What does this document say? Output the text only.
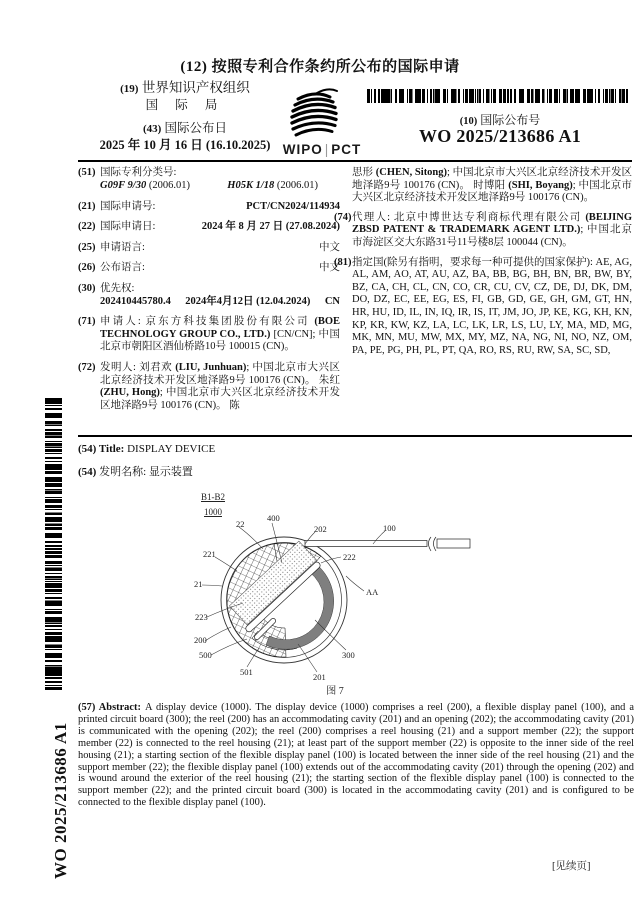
(12) 按照专利合作条约所公布的国际申请
(19) 世界知识产权组织
国 际 局
(43) 国际公布日
2025 年 10 月 16 日 (16.10.2025) WIPO | PCT
(10) 国际公布号
WO 2025/213686 A1
(51) 国际专利分类号:
G09F 9/30 (2006.01)	H05K 1/18 (2006.01)
(21) 国际申请号:	PCT/CN2024/114934
(22) 国际申请日:	2024 年 8 月 27 日 (27.08.2024)
(25) 申请语言:	中文
(26) 公布语言:	中文
(30) 优先权:
202410445780.4 2024年4月12日 (12.04.2024) CN
(71) 申请人: 京东方科技集团股份有限公司 (BOE TECHNOLOGY GROUP CO., LTD.) [CN/CN]; 中国北京市朝阳区酒仙桥路10号 100015 (CN)。
(72) 发明人: 刘君欢 (LIU, Junhuan); 中国北京市大兴区北京经济技术开发区地泽路9号 100176 (CN)。 朱红 (ZHU, Hong); 中国北京市大兴区北京经济技术开发区地泽路9号 100176 (CN)。 陈
思形 (CHEN, Sitong); 中国北京市大兴区北京经济技术开发区地泽路9号 100176 (CN)。 时博阳 (SHI, Boyang); 中国北京市大兴区北京经济技术开发区地泽路9号 100176 (CN)。
(74) 代理人: 北京中博世达专利商标代理有限公司 (BEIJING ZBSD PATENT & TRADEMARK AGENT LTD.); 中国北京市海淀区交大东路31号11号楼8层 100044 (CN)。
(81) 指定国(除另有指明，要求每一种可提供的国家保护): AE, AG, AL, AM, AO, AT, AU, AZ, BA, BB, BG, BH, BN, BR, BW, BY, BZ, CA, CH, CL, CN, CO, CR, CU, CV, CZ, DE, DJ, DK, DM, DO, DZ, EC, EE, EG, ES, FI, GB, GD, GE, GH, GM, GT, HN, HR, HU, ID, IL, IN, IQ, IR, IS, IT, JM, JO, JP, KE, KG, KH, KN, KP, KR, KW, KZ, LA, LC, LK, LR, LS, LU, LY, MA, MD, MG, MK, MN, MU, MW, MX, MY, MZ, NA, NG, NI, NO, NZ, OM, PA, PE, PG, PH, PL, PT, QA, RO, RS, RU, RW, SA, SC, SD,
(54) Title: DISPLAY DEVICE
(54) 发明名称: 显示装置
B1-B2
1000
22
400
202	100
221	222
21
AA
223
200
500	300
501	201
图 7
(57) Abstract: A display device (1000). The display device (1000) comprises a reel (200), a flexible display panel (100), and a printed circuit board (300); the reel (200) has an accommodating cavity (201) and an opening (202); the accommodating cavity (201) is communicated with the opening (202); the reel (200) comprises a reel housing (21) and a support member (22); the support member (22) is connected to the reel housing (21); at least part of the support member (22) is opposite to the inner side of the reel housing (21); a starting section of the flexible display panel (100) is located between the inner side of the reel housing (21) and the support member (22); the flexible display panel (100) extends out of the accommodating cavity (201) through the opening (202) and is wound around the exterior of the reel housing (21); the starting section of the flexible display panel (100) is connected to the support member (22); and the printed circuit board (300) is located in the accommodating cavity (201) and is configured to be connected to the flexible display panel (100).
WO 2025/213686 A1	[见续页]
